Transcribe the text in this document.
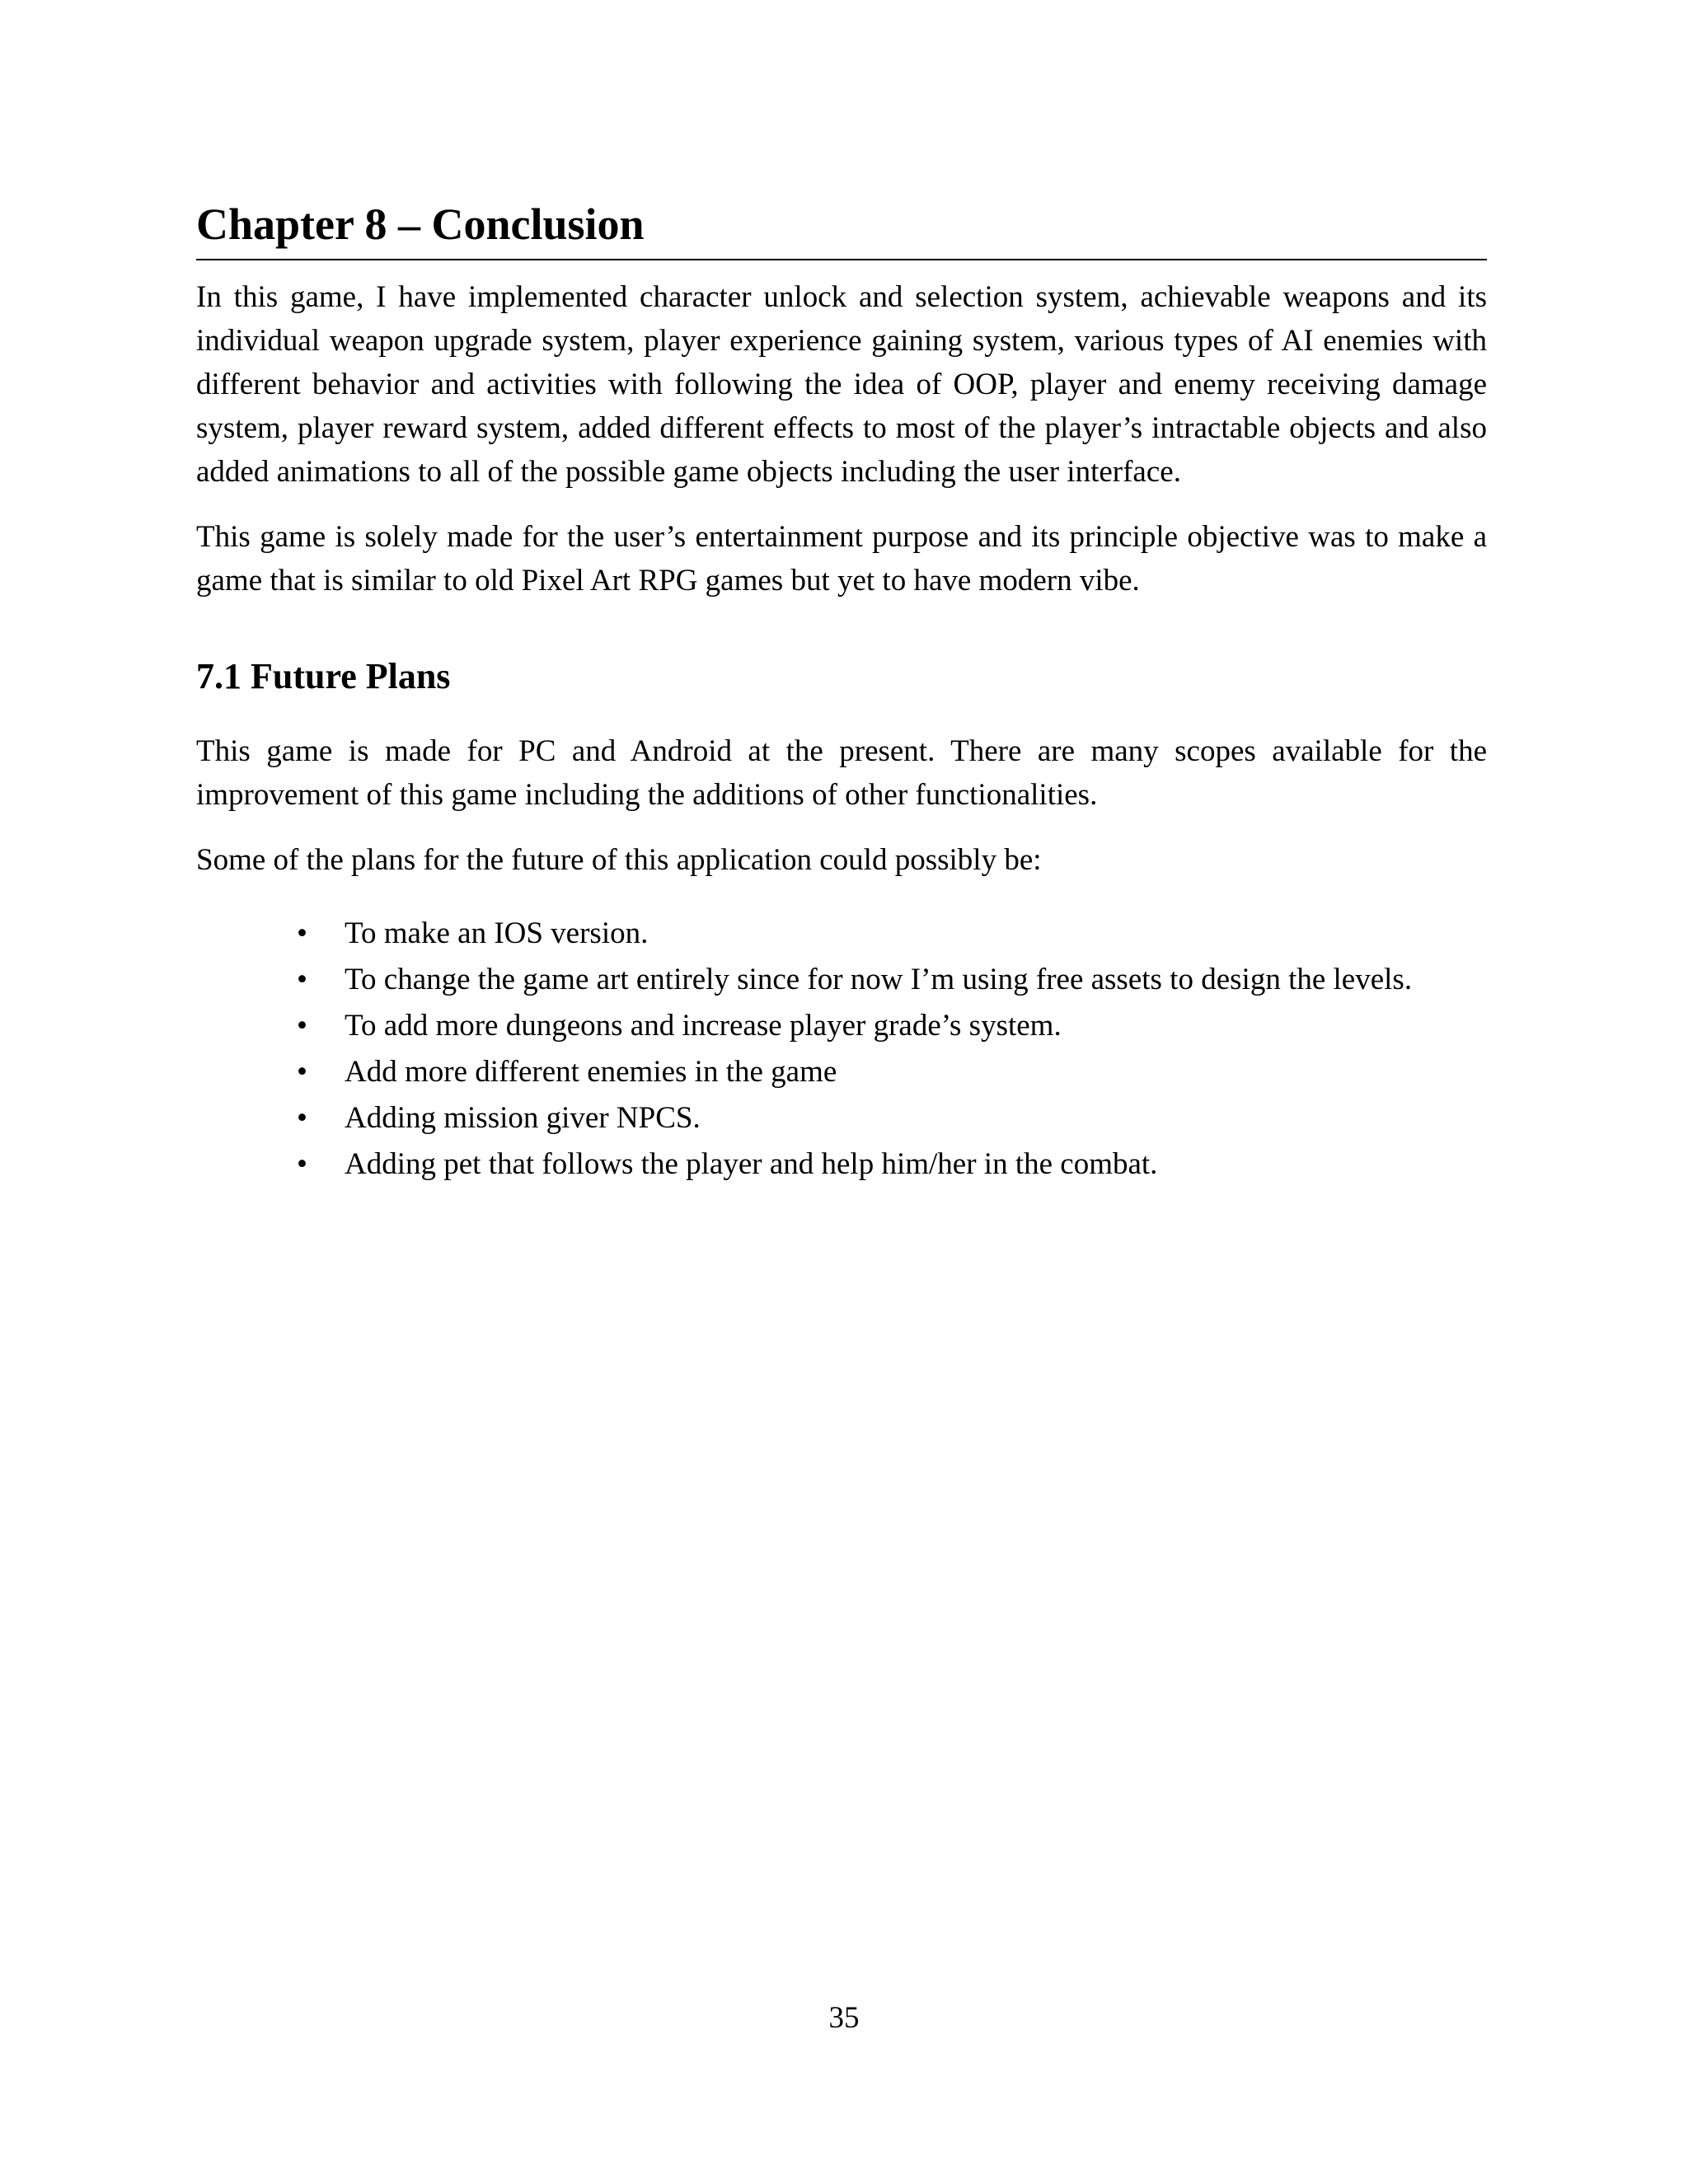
Chapter 8 – Conclusion

In this game, I have implemented character unlock and selection system, achievable weapons and its individual weapon upgrade system, player experience gaining system, various types of AI enemies with different behavior and activities with following the idea of OOP, player and enemy receiving damage system, player reward system, added different effects to most of the player’s intractable objects and also added animations to all of the possible game objects including the user interface.

This game is solely made for the user’s entertainment purpose and its principle objective was to make a game that is similar to old Pixel Art RPG games but yet to have modern vibe.

7.1 Future Plans

This game is made for PC and Android at the present. There are many scopes available for the improvement of this game including the additions of other functionalities.

Some of the plans for the future of this application could possibly be:

• To make an IOS version.
• To change the game art entirely since for now I’m using free assets to design the levels.
• To add more dungeons and increase player grade’s system.
• Add more different enemies in the game
• Adding mission giver NPCS.
• Adding pet that follows the player and help him/her in the combat.
35
